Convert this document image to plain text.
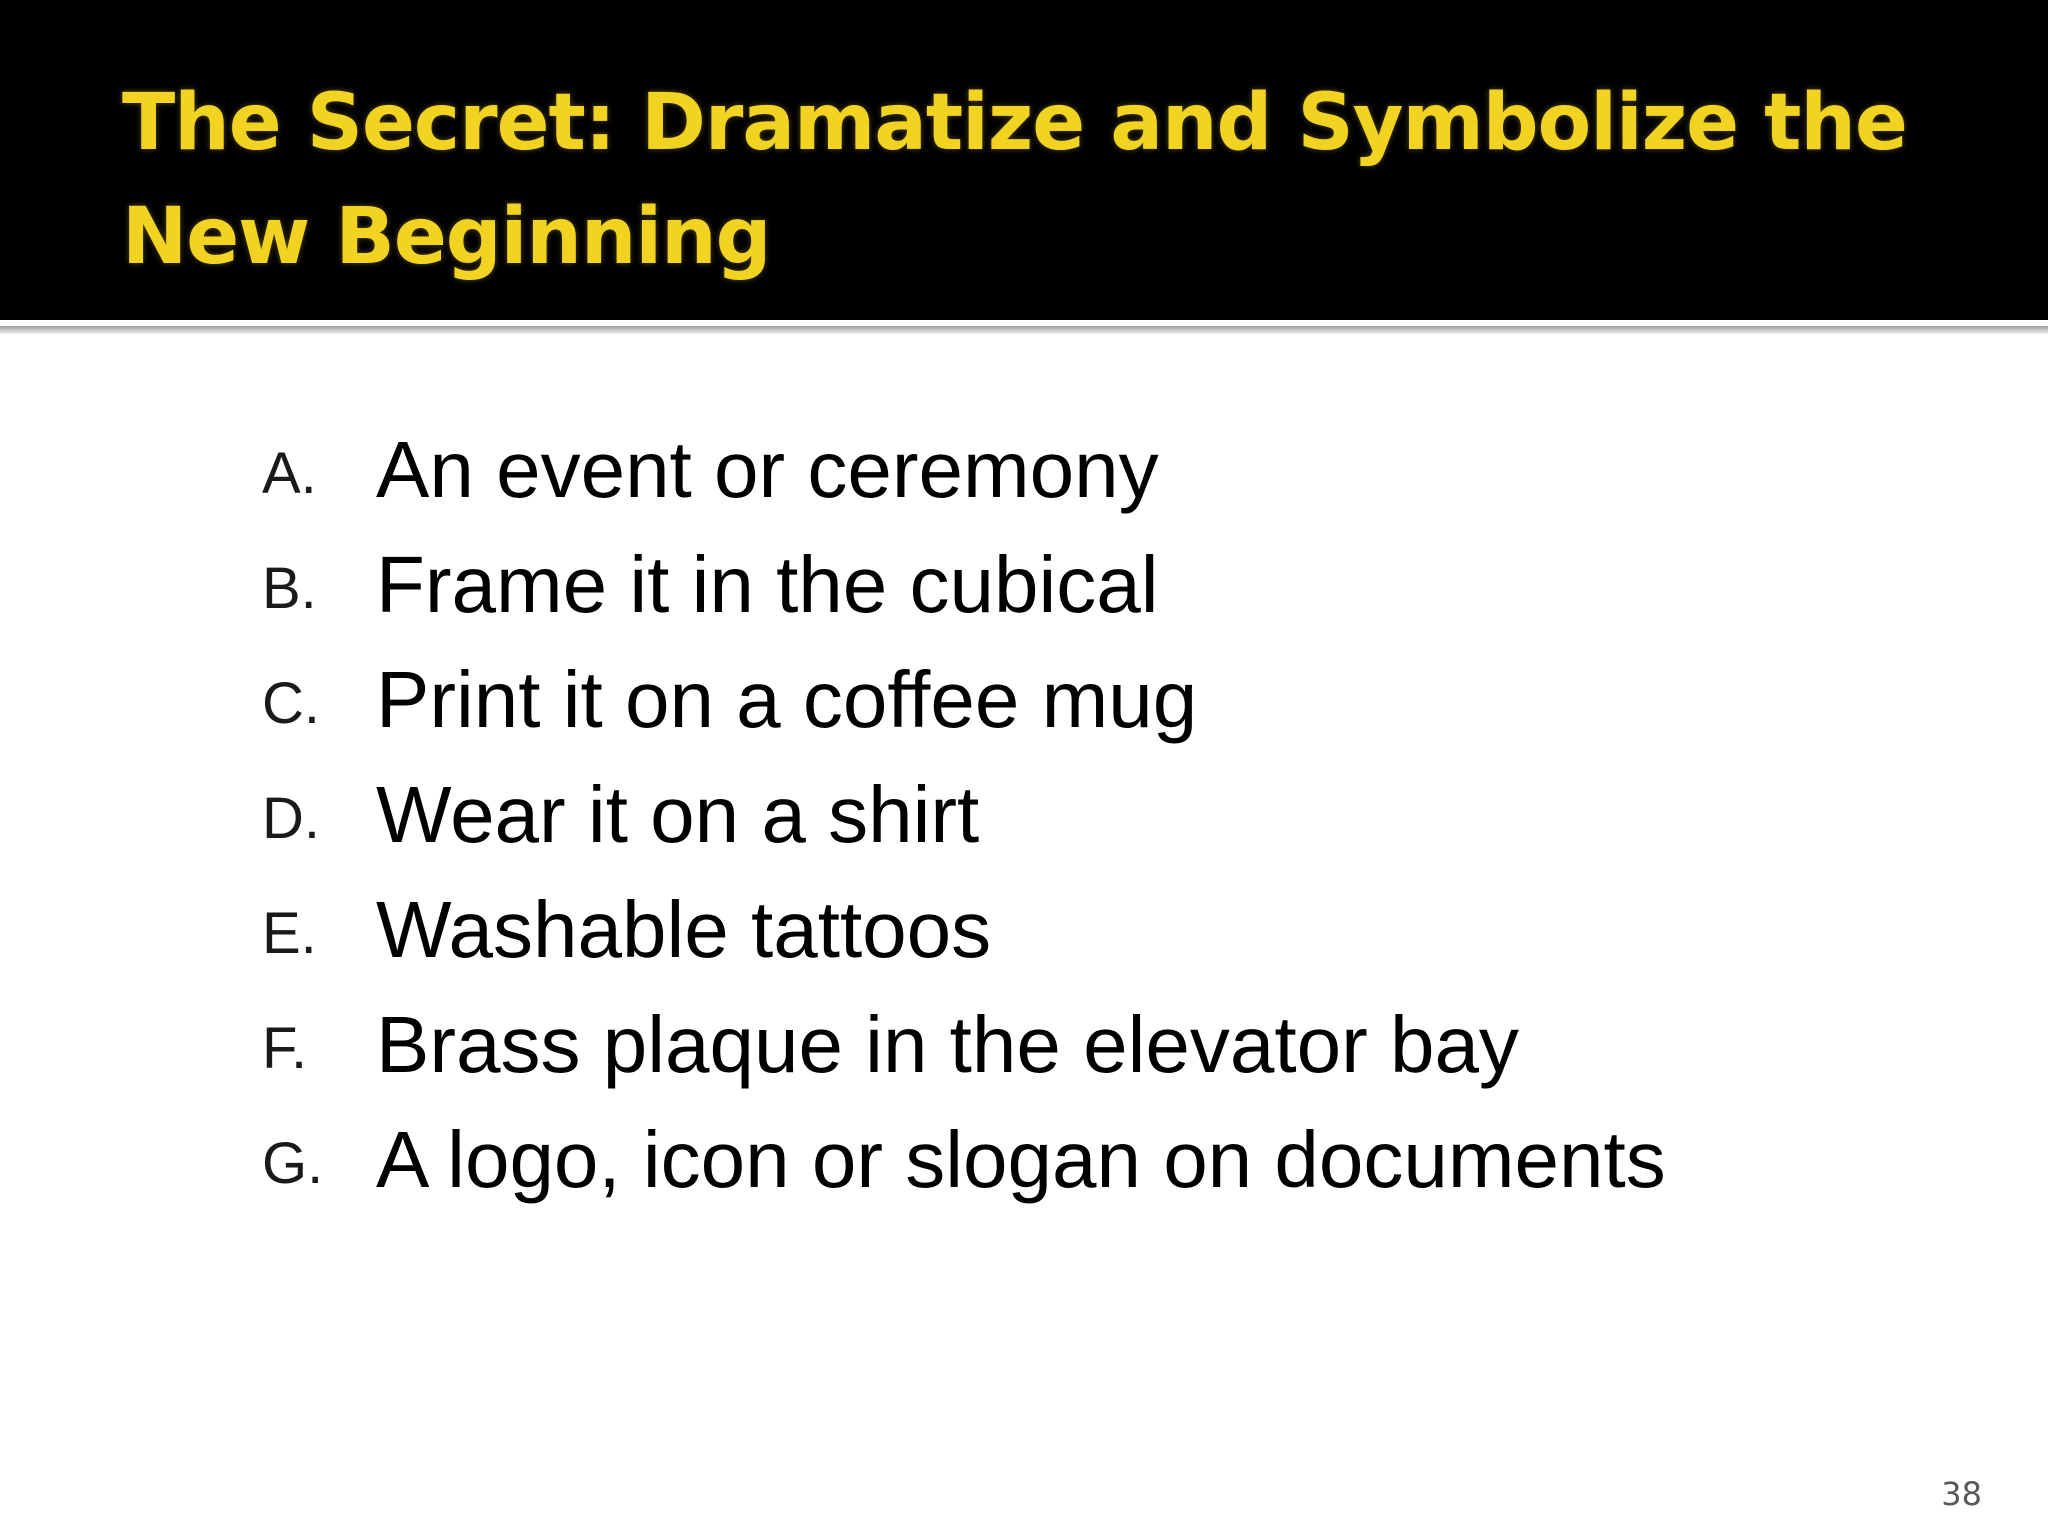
The Secret: Dramatize and Symbolize the
New Beginning
A. An event or ceremony
B. Frame it in the cubical
C. Print it on a coffee mug
D. Wear it on a shirt
E. Washable tattoos
F. Brass plaque in the elevator bay
G. A logo, icon or slogan on documents
38
